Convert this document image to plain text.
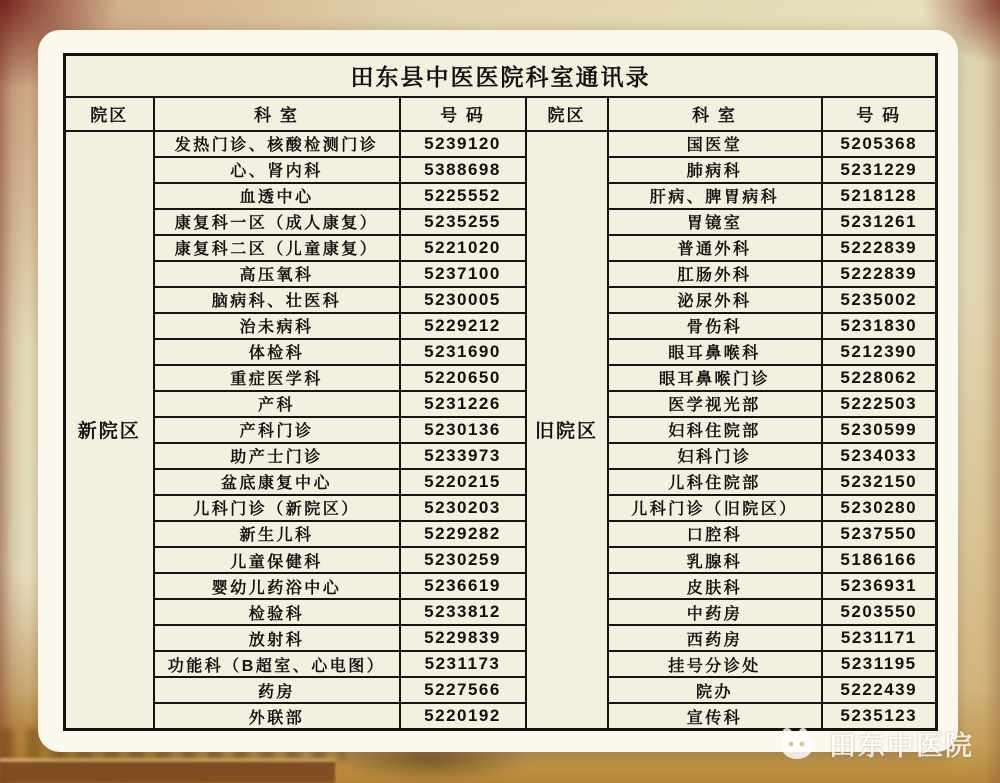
田东县中医医院科室通讯录					
院区	科 室	号 码	院区	科 室	号 码
新院区	发热门诊、核酸检测门诊	5239120	旧院区	国医堂	5205368
	心、肾内科	5388698		肺病科	5231229
	血透中心	5225552		肝病、脾胃病科	5218128
	康复科一区（成人康复）	5235255		胃镜室	5231261
	康复科二区（儿童康复）	5221020		普通外科	5222839
	高压氧科	5237100		肛肠外科	5222839
	脑病科、壮医科	5230005		泌尿外科	5235002
	治未病科	5229212		骨伤科	5231830
	体检科	5231690		眼耳鼻喉科	5212390
	重症医学科	5220650		眼耳鼻喉门诊	5228062
	产科	5231226		医学视光部	5222503
	产科门诊	5230136		妇科住院部	5230599
	助产士门诊	5233973		妇科门诊	5234033
	盆底康复中心	5220215		儿科住院部	5232150
	儿科门诊（新院区）	5230203		儿科门诊（旧院区）	5230280
	新生儿科	5229282		口腔科	5237550
	儿童保健科	5230259		乳腺科	5186166
	婴幼儿药浴中心	5236619		皮肤科	5236931
	检验科	5233812		中药房	5203550
	放射科	5229839		西药房	5231171
	功能科（B超室、心电图）	5231173		挂号分诊处	5231195
	药房	5227566		院办	5222439
	外联部	5220192		宣传科	5235123
田东中医院
